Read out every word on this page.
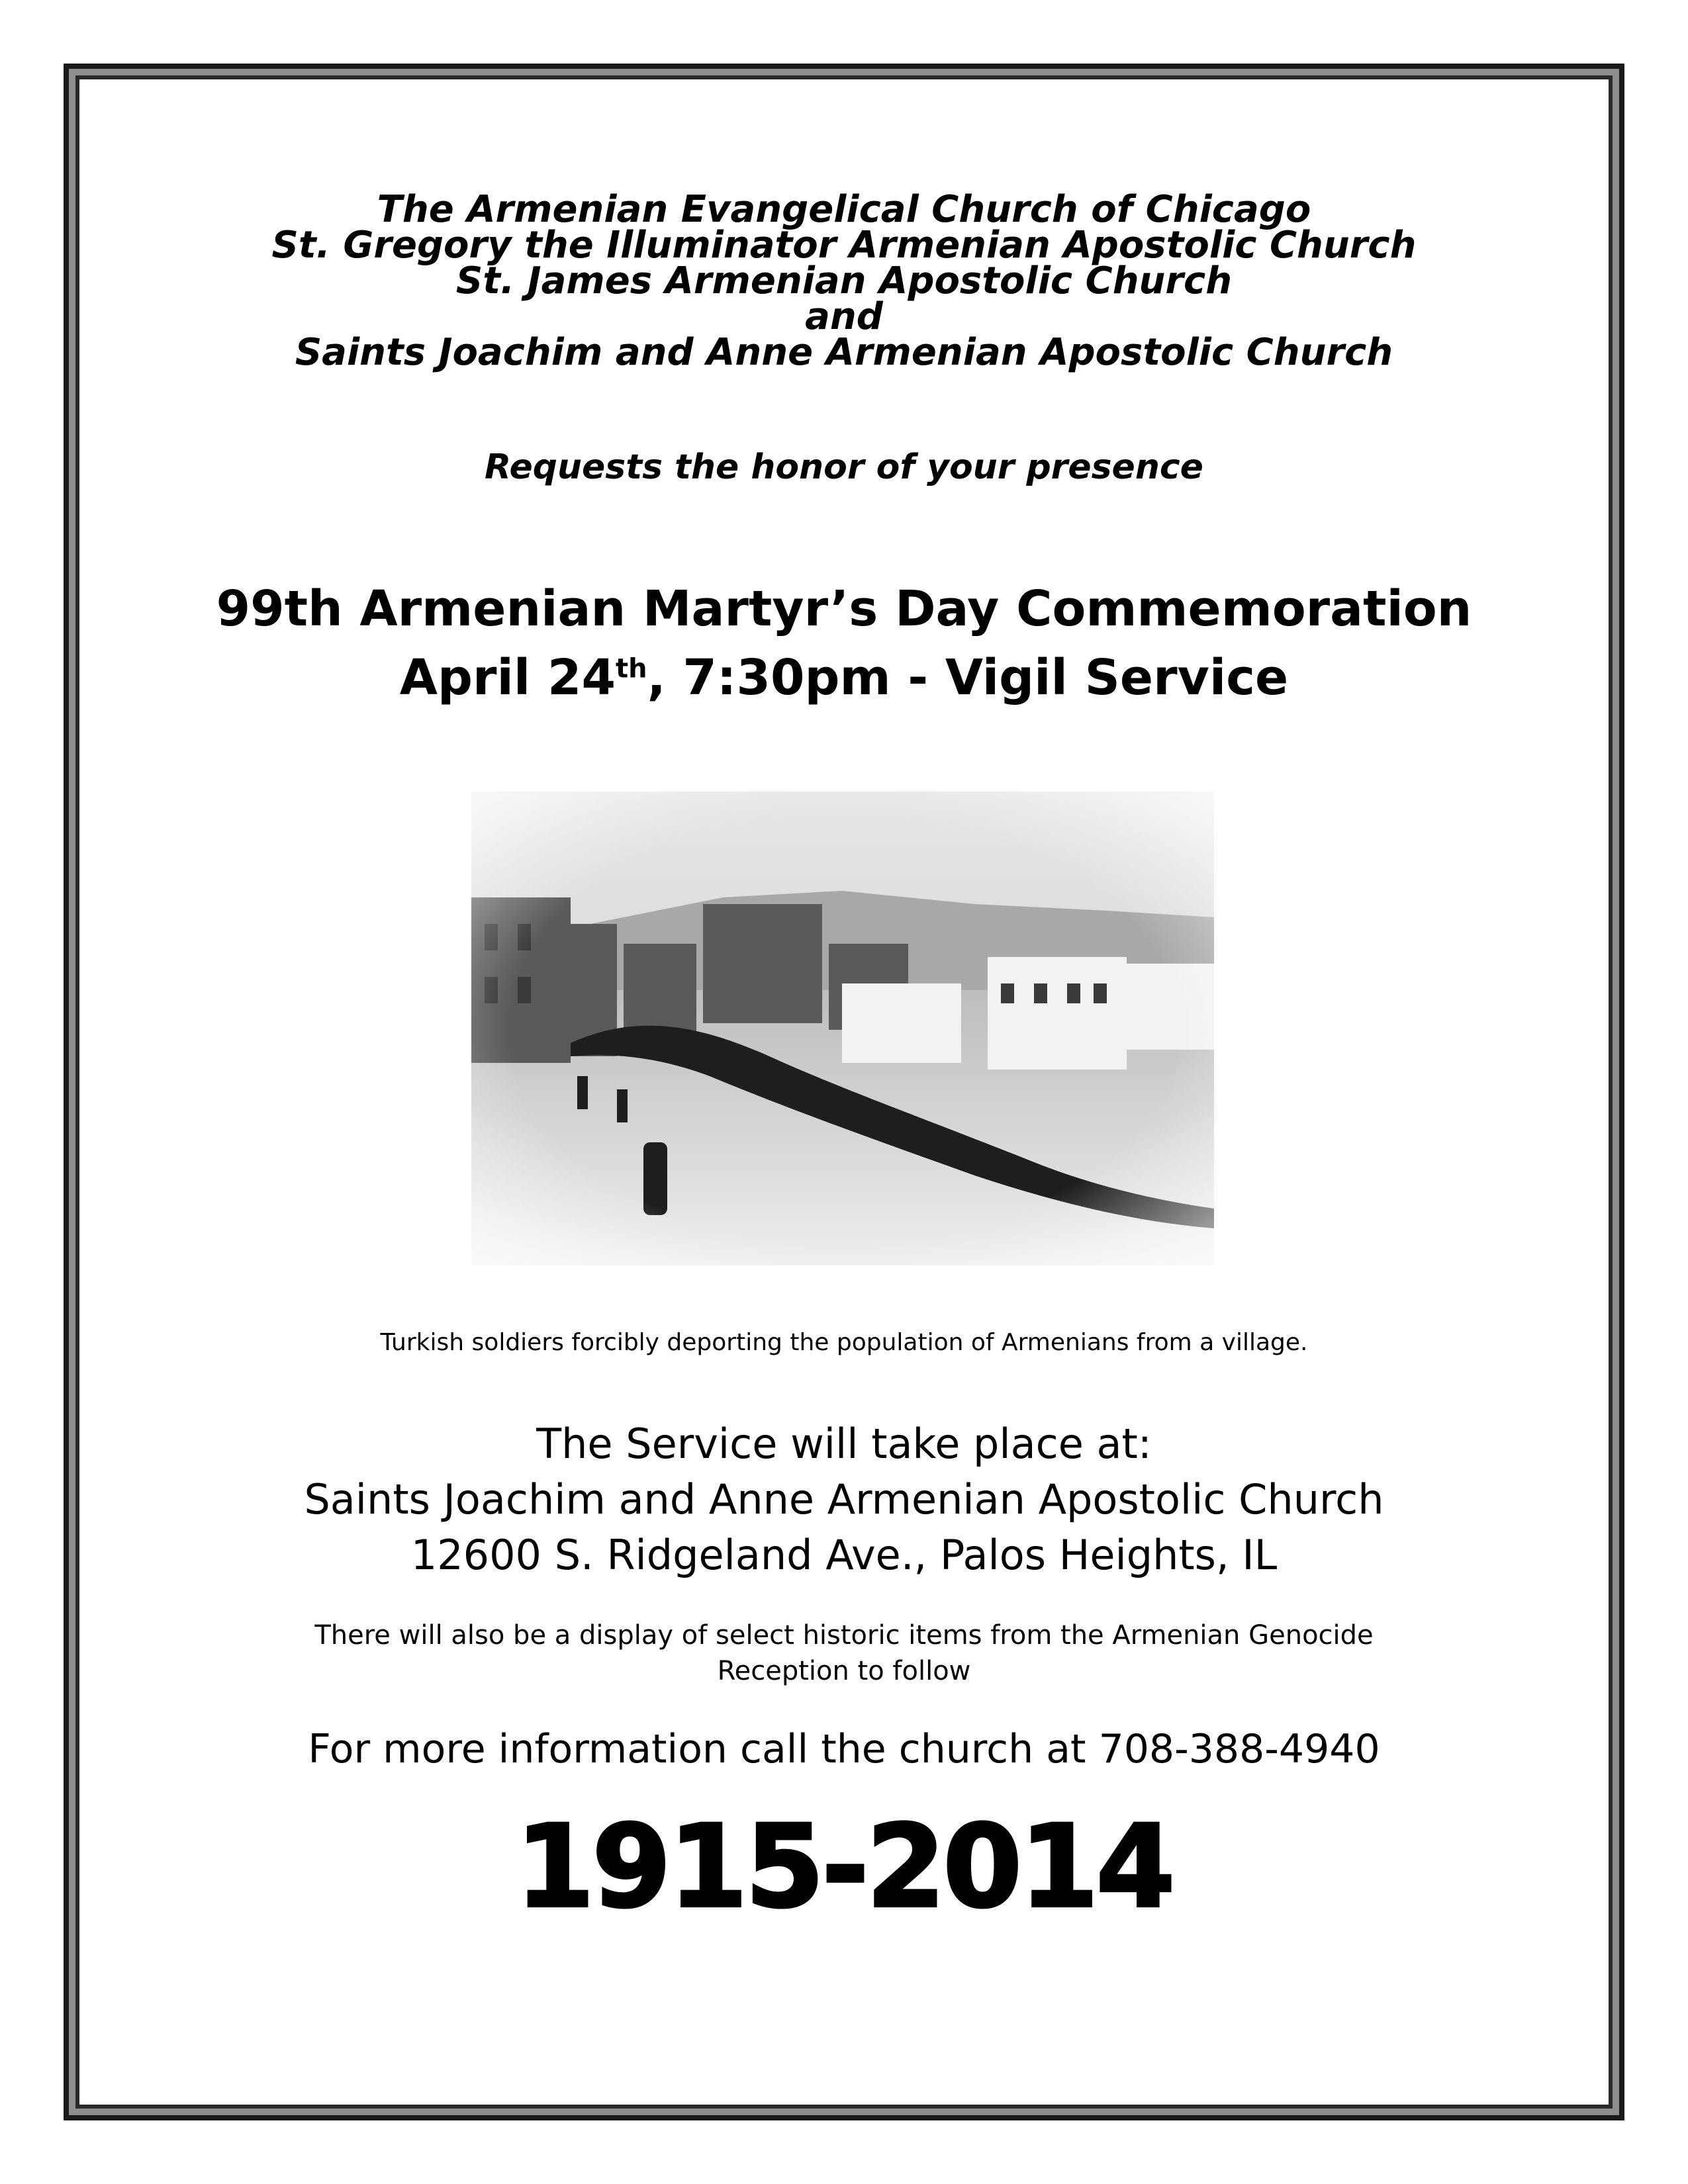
The Armenian Evangelical Church of Chicago
St. Gregory the Illuminator Armenian Apostolic Church
St. James Armenian Apostolic Church
and
Saints Joachim and Anne Armenian Apostolic Church
Requests the honor of your presence
99th Armenian Martyr’s Day Commemoration
April 24th, 7:30pm - Vigil Service
Turkish soldiers forcibly deporting the population of Armenians from a village.
The Service will take place at:
Saints Joachim and Anne Armenian Apostolic Church
12600 S. Ridgeland Ave., Palos Heights, IL
There will also be a display of select historic items from the Armenian Genocide
Reception to follow
For more information call the church at 708-388-4940
1915-2014
